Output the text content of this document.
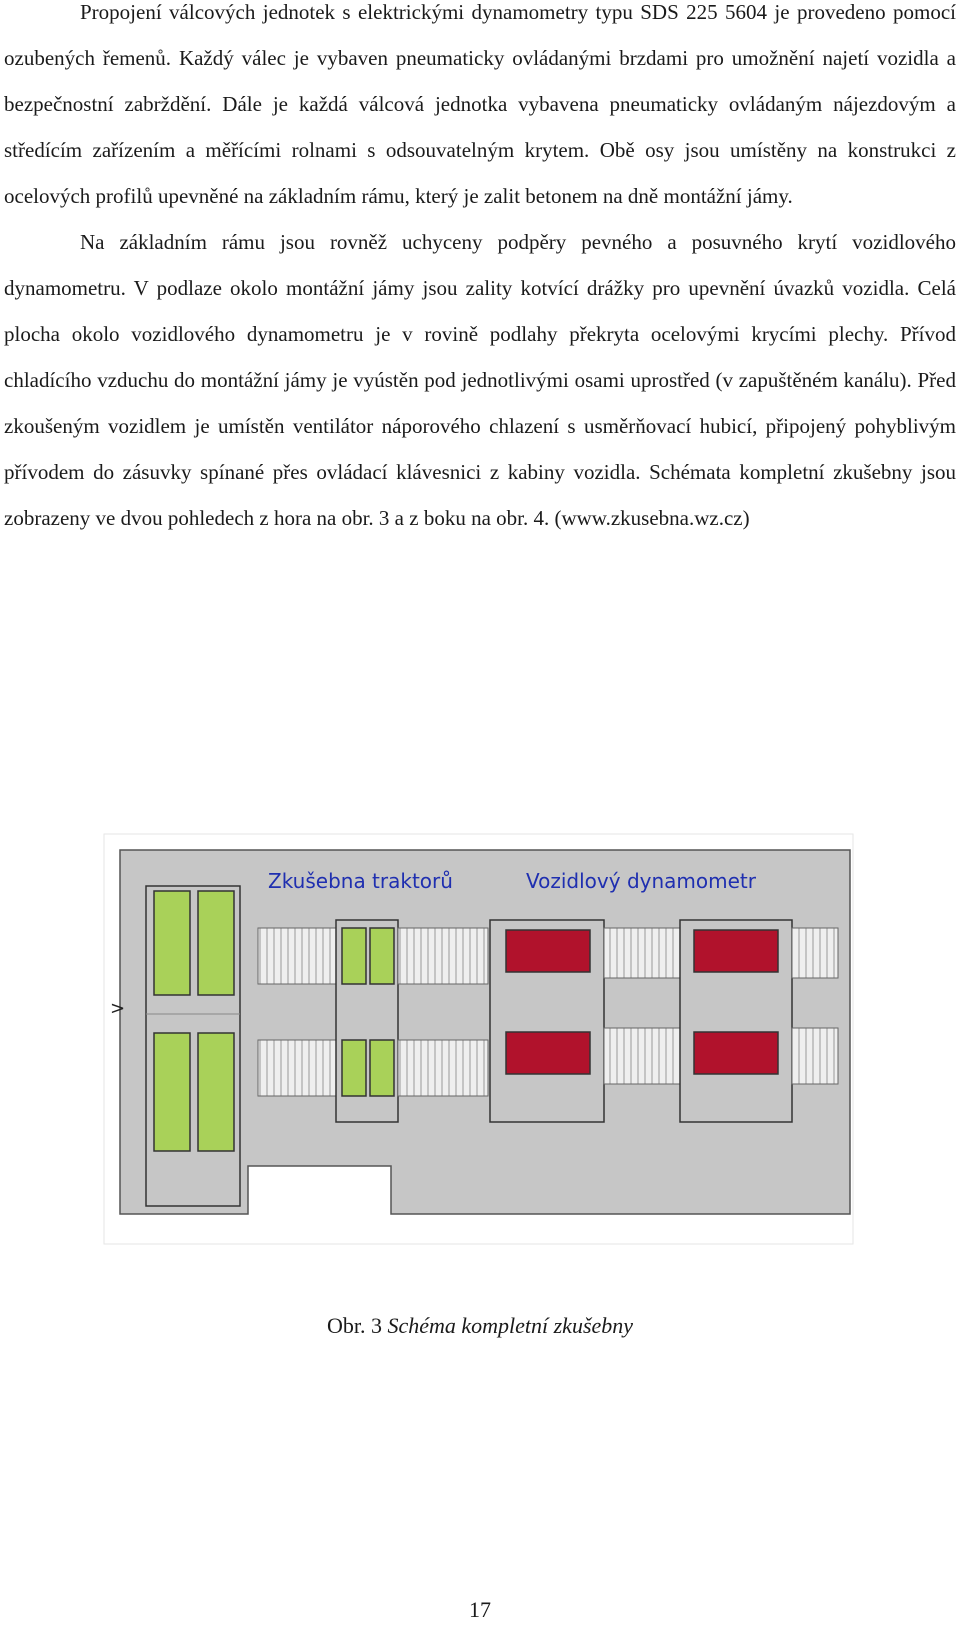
Propojení válcových jednotek s elektrickými dynamometry typu SDS 225 5604 je provedeno pomocí ozubených řemenů. Každý válec je vybaven pneumaticky ovládanými brzdami pro umožnění najetí vozidla a bezpečnostní zabrždění. Dále je každá válcová jednotka vybavena pneumaticky ovládaným nájezdovým a středícím zařízením a měřícími rolnami s odsouvatelným krytem. Obě osy jsou umístěny na konstrukci z ocelových profilů upevněné na základním rámu, který je zalit betonem na dně montážní jámy.

Na základním rámu jsou rovněž uchyceny podpěry pevného a posuvného krytí vozidlového dynamometru. V podlaze okolo montážní jámy jsou zality kotvící drážky pro upevnění úvazků vozidla. Celá plocha okolo vozidlového dynamometru je v rovině podlahy překryta ocelovými krycími plechy. Přívod chladícího vzduchu do montážní jámy je vyústěn pod jednotlivými osami uprostřed (v zapuštěném kanálu). Před zkoušeným vozidlem je umístěn ventilátor náporového chlazení s usměrňovací hubicí, připojený pohyblivým přívodem do zásuvky spínané přes ovládací klávesnici z kabiny vozidla. Schémata kompletní zkušebny jsou zobrazeny ve dvou pohledech z hora na obr. 3 a z boku na obr. 4. (www.zkusebna.wz.cz)

>
Zkušebna traktorů	Vozidlový dynamometr
Obr. 3 Schéma kompletní zkušebny
17
